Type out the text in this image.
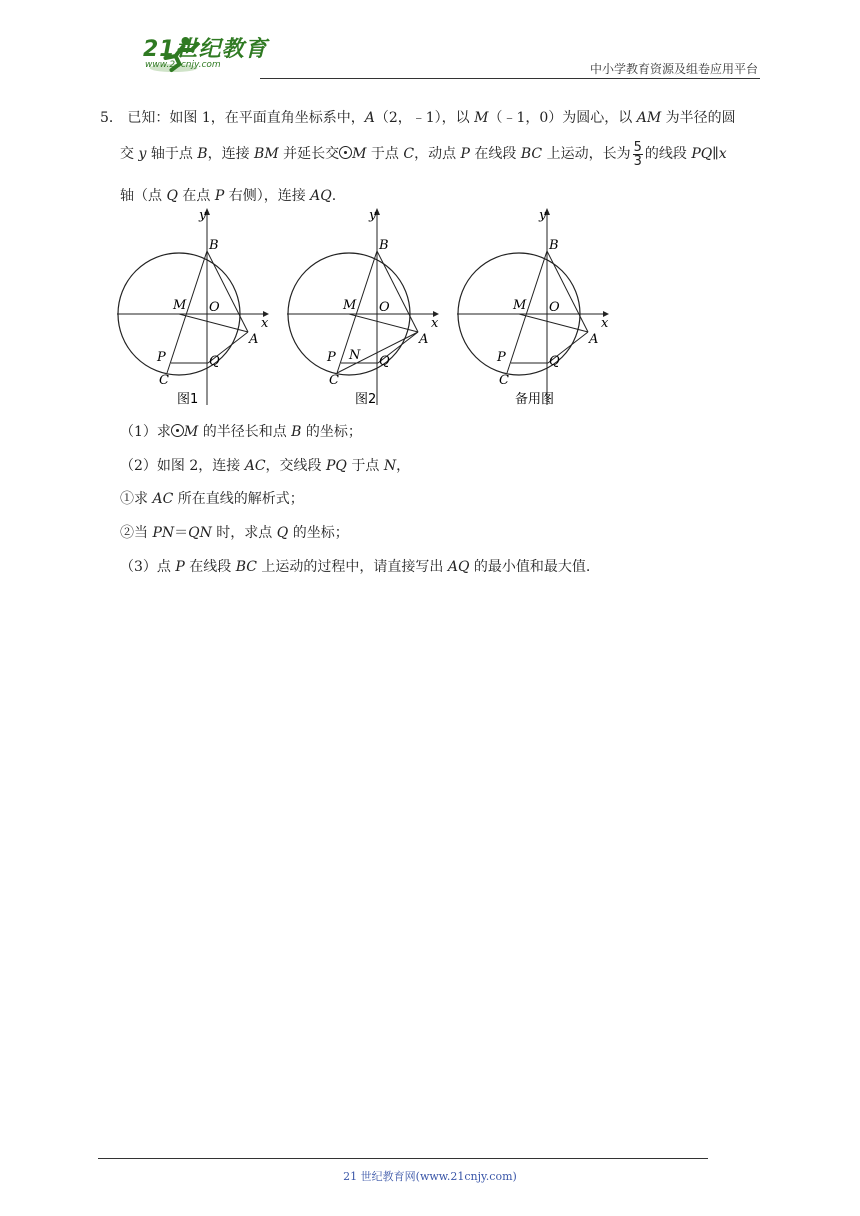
21世纪教育
www.21cnjy.com	中小学教育资源及组卷应用平台
5． 已知：如图 1，在平面直角坐标系中，A（2，﹣1），以 M（﹣1，0）为圆心，以 AM 为半径的圆
交 y 轴于点 B，连接 BM 并延长交 M 于点 C，动点 P 在线段 BC 上运动，长为 $\frac{5}{3}$ 的线段 PQ∥x
轴（点 Q 在点 P 右侧），连接 AQ.
B
y
M O
x
A
P	Q
C
图1
B
y
M O
x
A
P N Q
C
图2
B
y
M O
x
A
P	Q
C
备用图
（1）求 M 的半径长和点 B 的坐标；
（2）如图 2，连接 AC，交线段 PQ 于点 N，
①求 AC 所在直线的解析式；
②当 PN＝QN 时，求点 Q 的坐标；
（3）点 P 在线段 BC 上运动的过程中，请直接写出 AQ 的最小值和最大值.
21 世纪教育网(www.21cnjy.com)
